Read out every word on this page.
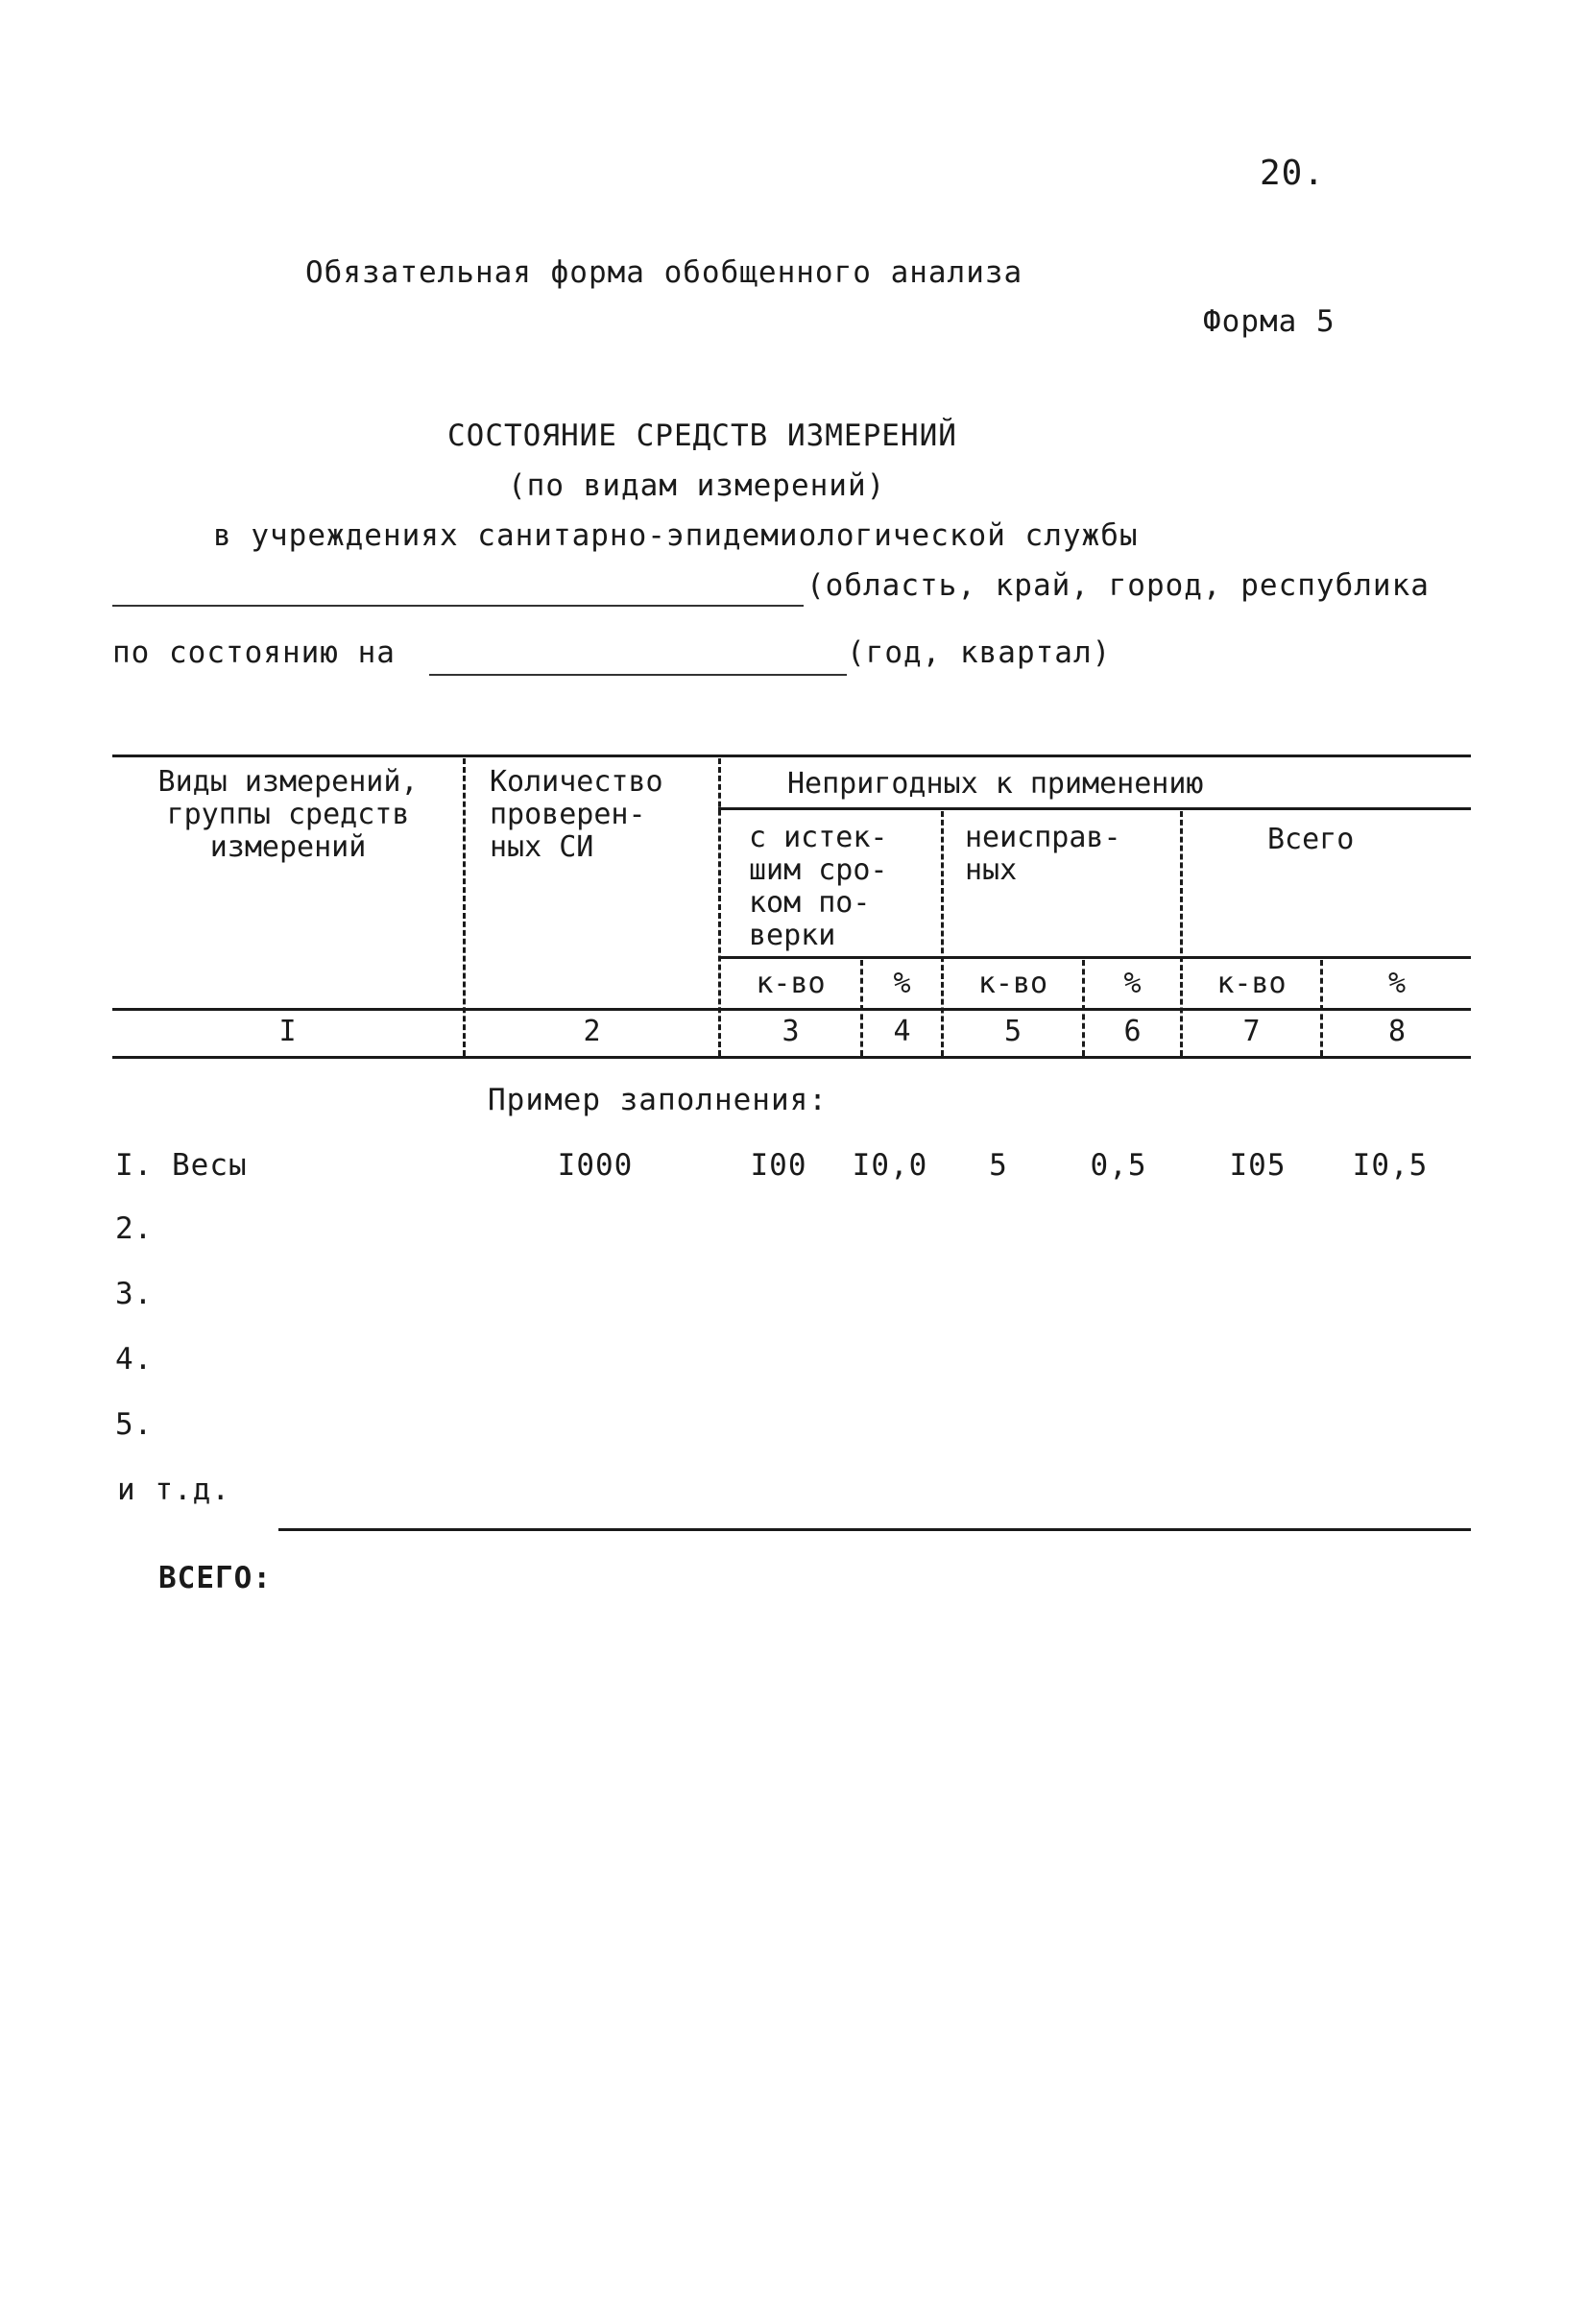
20.
Обязательная форма обобщенного анализа
Форма 5
СОСТОЯНИЕ СРЕДСТВ ИЗМЕРЕНИЙ
(по видам измерений)
в учреждениях санитарно-эпидемиологической службы
(область, край, город, республика
по состоянию на	(год, квартал)
Виды измерений,
группы средств
измерений
Количество
проверен-
ных СИ
Непригодных к применению
с истек-
шим сро-
ком по-
верки
неисправ-
ных
Всего
к-во	%	к-во	%	к-во	%
I	2	3	4	5	6	7	8
Пример заполнения:
I. Весы	I000	I00	I0,0	5	0,5	I05	I0,5
2.
3.
4.
5.
и т.д.
ВСЕГО:
